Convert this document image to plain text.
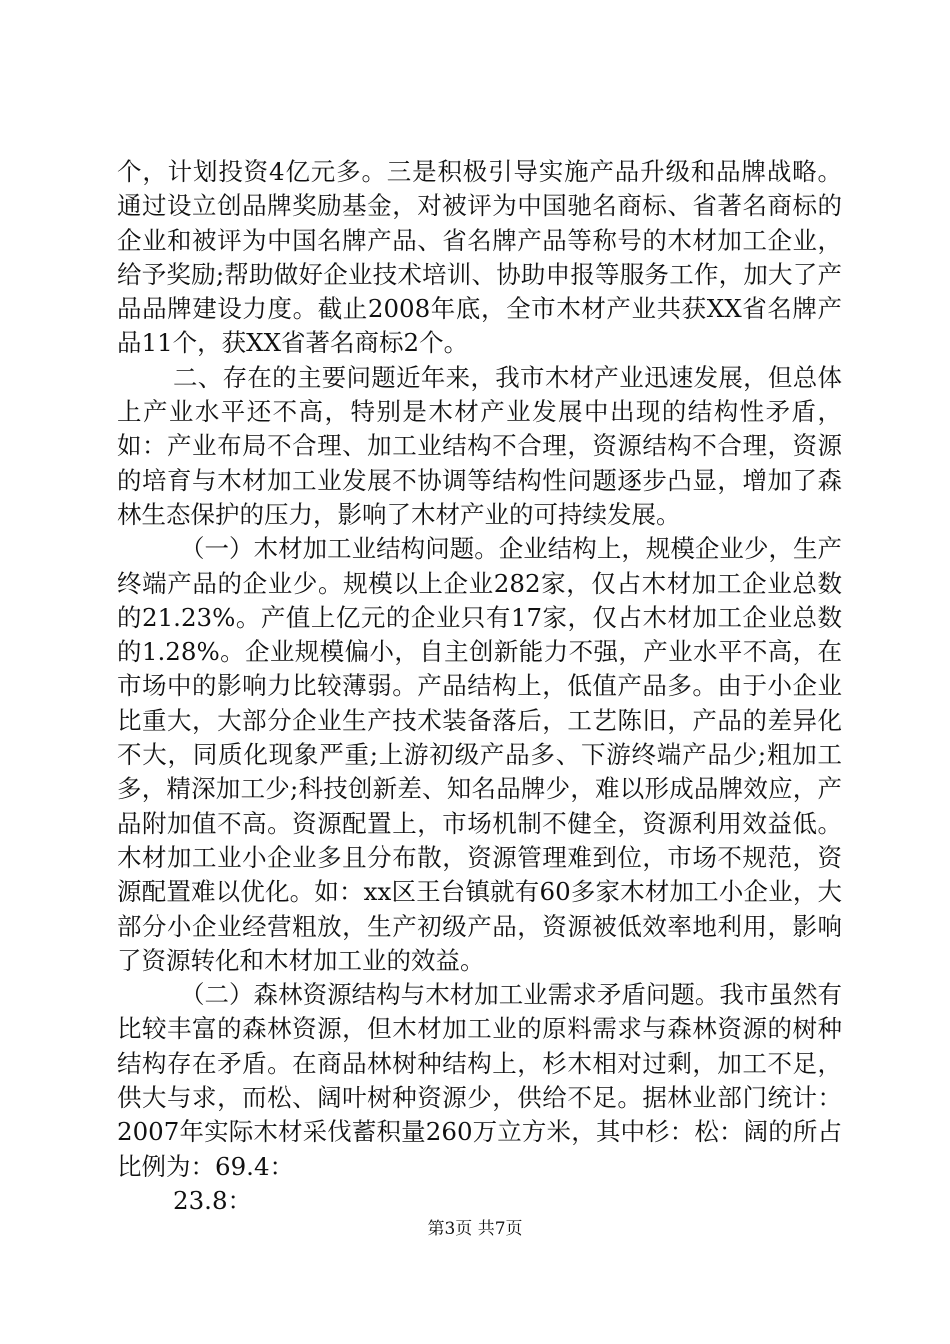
个，计划投资4亿元多。三是积极引导实施产品升级和品牌战略。通过设立创品牌奖励基金，对被评为中国驰名商标、省著名商标的企业和被评为中国名牌产品、省名牌产品等称号的木材加工企业，给予奖励;帮助做好企业技术培训、协助申报等服务工作，加大了产品品牌建设力度。截止2008年底，全市木材产业共获XX省名牌产品11个，获XX省著名商标2个。

二、存在的主要问题近年来，我市木材产业迅速发展，但总体上产业水平还不高，特别是木材产业发展中出现的结构性矛盾，如：产业布局不合理、加工业结构不合理，资源结构不合理，资源的培育与木材加工业发展不协调等结构性问题逐步凸显，增加了森林生态保护的压力，影响了木材产业的可持续发展。

（一）木材加工业结构问题。企业结构上，规模企业少，生产终端产品的企业少。规模以上企业282家，仅占木材加工企业总数的21.23%。产值上亿元的企业只有17家，仅占木材加工企业总数的1.28%。企业规模偏小，自主创新能力不强，产业水平不高，在市场中的影响力比较薄弱。产品结构上，低值产品多。由于小企业比重大，大部分企业生产技术装备落后，工艺陈旧，产品的差异化不大，同质化现象严重;上游初级产品多、下游终端产品少;粗加工多，精深加工少;科技创新差、知名品牌少，难以形成品牌效应，产品附加值不高。资源配置上，市场机制不健全，资源利用效益低。木材加工业小企业多且分布散，资源管理难到位，市场不规范，资源配置难以优化。如：xx区王台镇就有60多家木材加工小企业，大部分小企业经营粗放，生产初级产品，资源被低效率地利用，影响了资源转化和木材加工业的效益。

（二）森林资源结构与木材加工业需求矛盾问题。我市虽然有比较丰富的森林资源，但木材加工业的原料需求与森林资源的树种结构存在矛盾。在商品林树种结构上，杉木相对过剩，加工不足，供大与求，而松、阔叶树种资源少，供给不足。据林业部门统计：2007年实际木材采伐蓄积量260万立方米，其中杉：松：阔的所占比例为：69.4：

23.8：

第3页 共7页
